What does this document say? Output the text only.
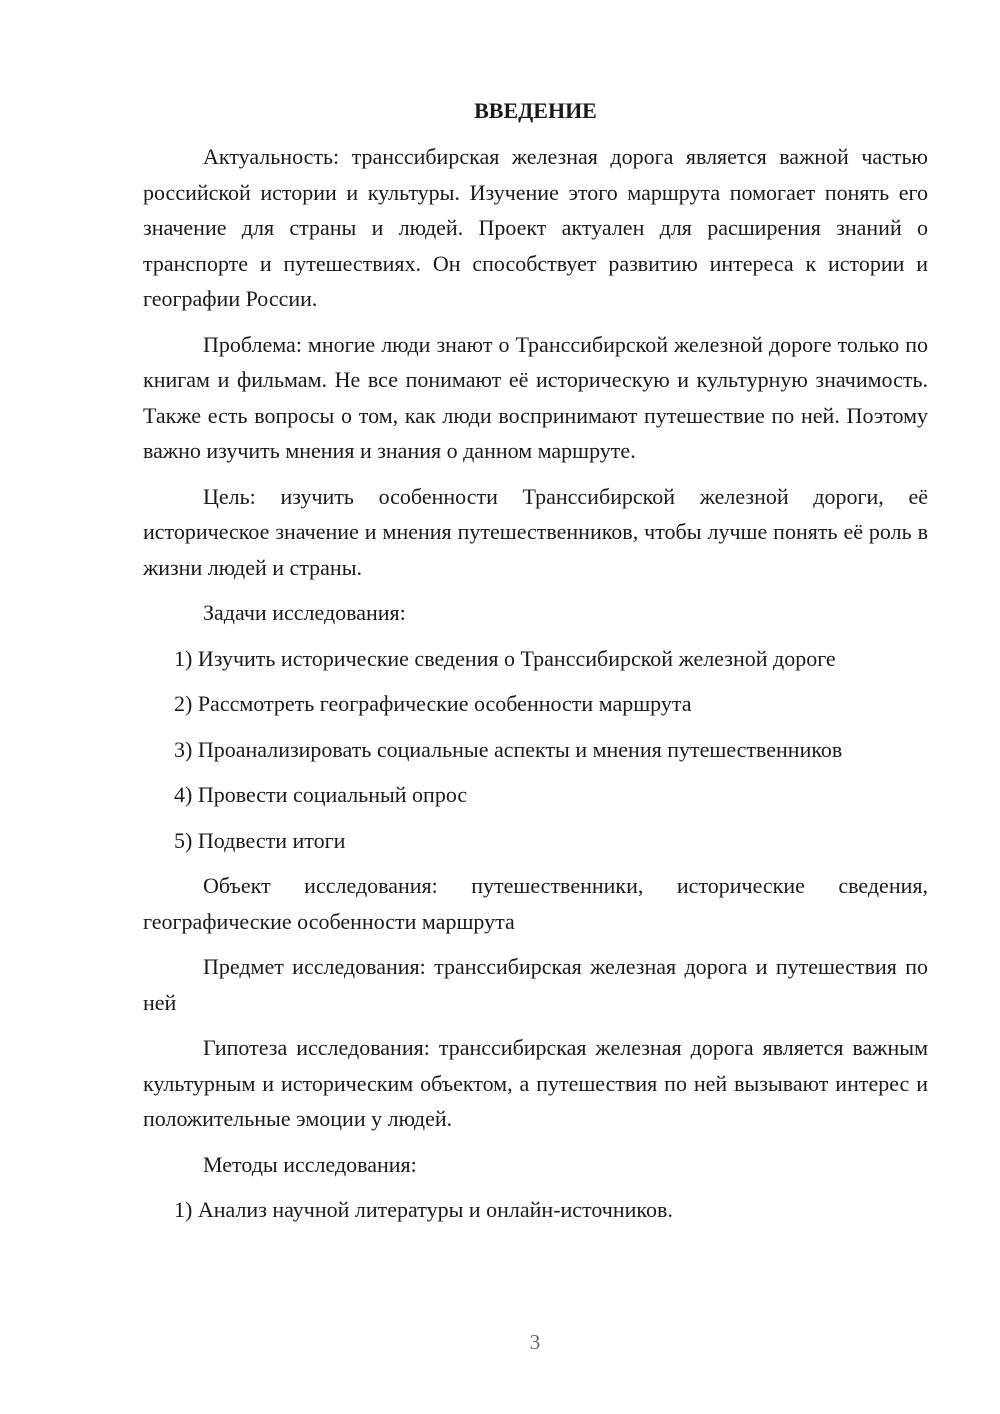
ВВЕДЕНИЕ

Актуальность: транссибирская железная дорога является важной частью российской истории и культуры. Изучение этого маршрута помогает понять его значение для страны и людей. Проект актуален для расширения знаний о транспорте и путешествиях. Он способствует развитию интереса к истории и географии России.

Проблема: многие люди знают о Транссибирской железной дороге только по книгам и фильмам. Не все понимают её историческую и культурную значимость. Также есть вопросы о том, как люди воспринимают путешествие по ней. Поэтому важно изучить мнения и знания о данном маршруте.

Цель: изучить особенности Транссибирской железной дороги, её историческое значение и мнения путешественников, чтобы лучше понять её роль в жизни людей и страны.

Задачи исследования:

1) Изучить исторические сведения о Транссибирской железной дороге

2) Рассмотреть географические особенности маршрута

3) Проанализировать социальные аспекты и мнения путешественников

4) Провести социальный опрос

5) Подвести итоги

Объект исследования: путешественники, исторические сведения, географические особенности маршрута

Предмет исследования: транссибирская железная дорога и путешествия по ней

Гипотеза исследования: транссибирская железная дорога является важным культурным и историческим объектом, а путешествия по ней вызывают интерес и положительные эмоции у людей.

Методы исследования:

1) Анализ научной литературы и онлайн-источников.

3
